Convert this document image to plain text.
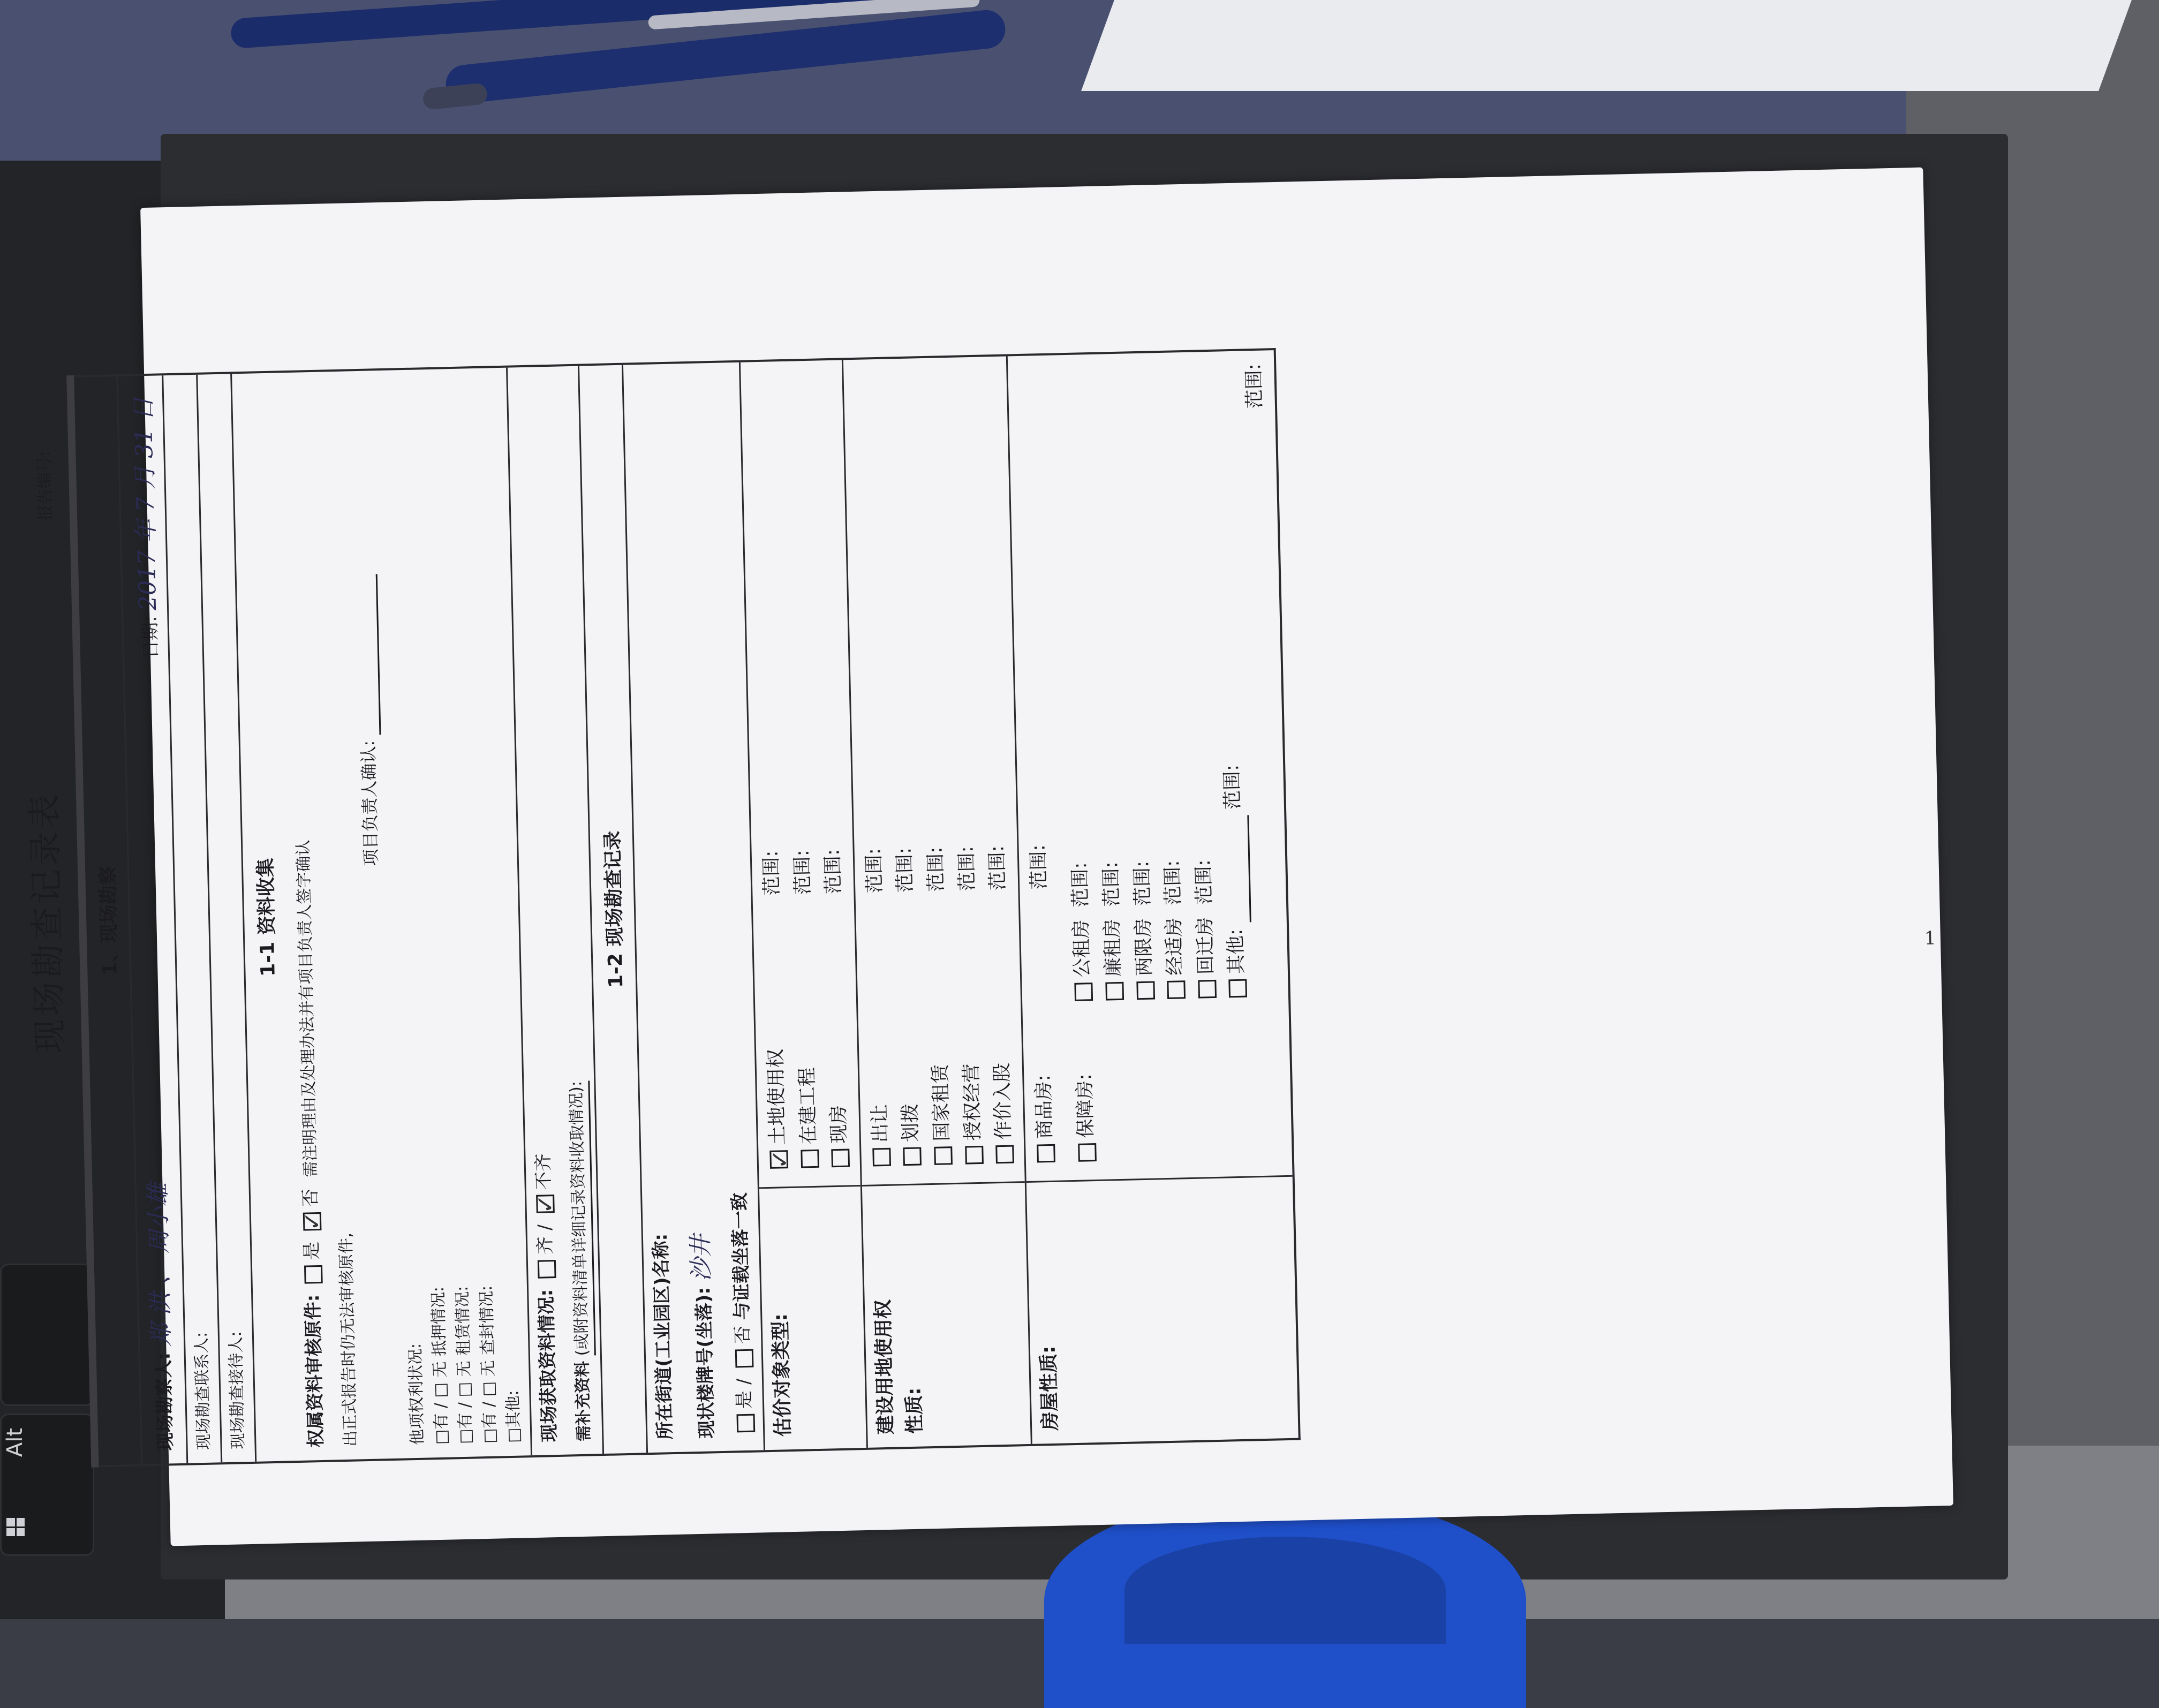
Alt
1
现场勘查记录表
报告编号:
1、现场勘察
现场勘察人: 郑 洪 、 周小雄
日期: 2017 年 7 月 31 日
现场勘查联系人: 现场勘查接待人:
1-1 资料收集
权属资料审核原件: 是 ✓否  需注明理由及处理办法并有项目负责人签字确认
出正式报告时仍无法审核原件,
项目负责人确认:
他项权利状况: □有 / □ 无 抵押情况: □有 / □ 无 租赁情况: □有 / □ 无 查封情况: □其他: 现场获取资料情况: 齐 / ✓不齐
需补充资料 (或附资料清单详细记录资料收取情况):
1-2 现场勘查记录
所在街道(工业园区)名称: 现状楼牌号(坐落): 沙井
是 / 否 与证载坐落一致
估价对象类型:
✓土地使用权
范围:
在建工程
范围:
现房
范围:
建设用地使用权 性质:
出让
范围:
划拨
范围:
国家租赁
范围:
授权经营
范围:
作价入股
范围:
房屋性质:
商品房:
范围:
保障房:
公租房  范围:
廉租房  范围:
两限房  范围:
经适房  范围:
回迁房  范围:
其他:  范围:
范围:
